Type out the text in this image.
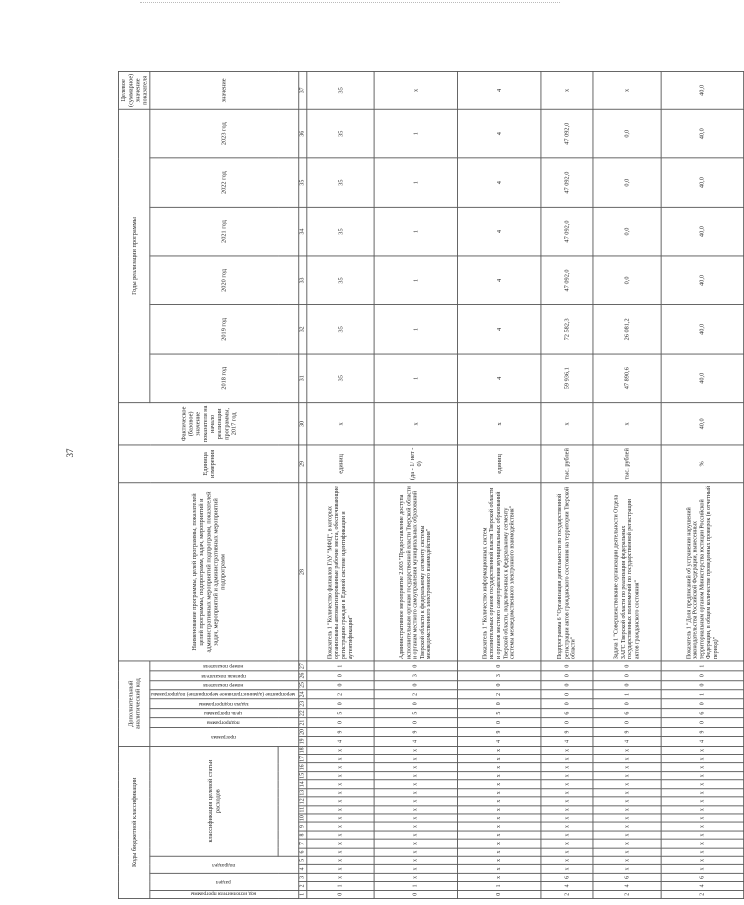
37
Коды бюджетной классификации																		Дополнительный аналитический код									Наименование программы, целей программы, показателей целей программы, подпрограмм, задач, мероприятий и административных мероприятий подпрограмм, показателей задач, мероприятий и административных мероприятий подпрограмм	Единица измерения	Фактическое (базовое) значение показателя на начало реализации программы, 2017 год	Годы реализации программы						Целевое (суммарное) значение показателя
код исполнителя программы	раздел		подраздел		классификация целевой статьи расходов													программа		подпрограмма	цель программы	задача подпрограммы	мероприятие (административное мероприятие) подпрограммы	номер показателя	признак показателя	номер показателя				2018 год	2019 год	2020 год	2021 год	2022 год	2023 год	значение

1	2	3	4	5	6	7	8	9	10	11	12	13	14	15	16	17	18	19	20	21	22	23	24	25	26	27	28	29	30	31	32	33	34	35	36	37
0	1	х	х	х	х	х	х	х	х	х	х	х	х	х	х	х	х	4	9	0	5	0	2	0	0	1	Показатель 1 "Количество филиалов ГАУ "МФЦ", в которых организованы автоматизированные рабочие места, обеспечивающие регистрацию граждан в Единой системе идентификации и аутентификации"	единиц	х	35	35	35	35	35	35	35
0	1	х	х	х	х	х	х	х	х	х	х	х	х	х	х	х	х	4	9	0	5	0	2	0	3	0	Административное мероприятие 2.003 "Предоставление доступа исполнительным органам государственной власти Тверской области и органам местного самоуправления муниципальных образований Тверской области к федеральному сегменту системы межведомственного электронного взаимодействия"	(да - 1/ нет - 0)	х	1	1	1	1	1	1	х
0	1	х	х	х	х	х	х	х	х	х	х	х	х	х	х	х	х	4	9	0	5	0	2	0	3	0	Показатель 1 "Количество информационных систем исполнительных органов государственной власти Тверской области и органов местного самоуправления муниципальных образований Тверской области, подключенных к федеральному сегменту системы межведомственного электронного взаимодействия"	единиц	х	4	4	4	4	4	4	4
2	4	6	х	х	х	х	х	х	х	х	х	х	х	х	х	х	х	4	9	0	6	0	0	0	0	0	Подпрограмма 6 "Организация деятельности по государственной регистрации актов гражданского состояния на территории Тверской области"	тыс. рублей	х	59 936,1	72 582,3	47 092,0	47 092,0	47 092,0	47 092,0	х
2	4	6	х	х	х	х	х	х	х	х	х	х	х	х	х	х	х	4	9	0	6	0	1	0	0	0	Задача 1 "Совершенствование организации деятельности Отдела ЗАГС Тверской области по реализации федеральных государственных полномочий по государственной регистрации актов гражданского состояния"	тыс. рублей	х	47 890,6	26 081,2	0,0	0,0	0,0	0,0	х
2	4	6	х	х	х	х	х	х	х	х	х	х	х	х	х	х	х	4	9	0	6	0	1	0	0	1	Показатель 1 "Доля предписаний об устранении нарушений законодательства Российской Федерации, вынесенных территориальным органом Министерства юстиции Российской Федерации, в общем количестве проведенных проверок (в отчетный период)"	%	40,0	40,0	40,0	40,0	40,0	40,0	40,0	40,0
